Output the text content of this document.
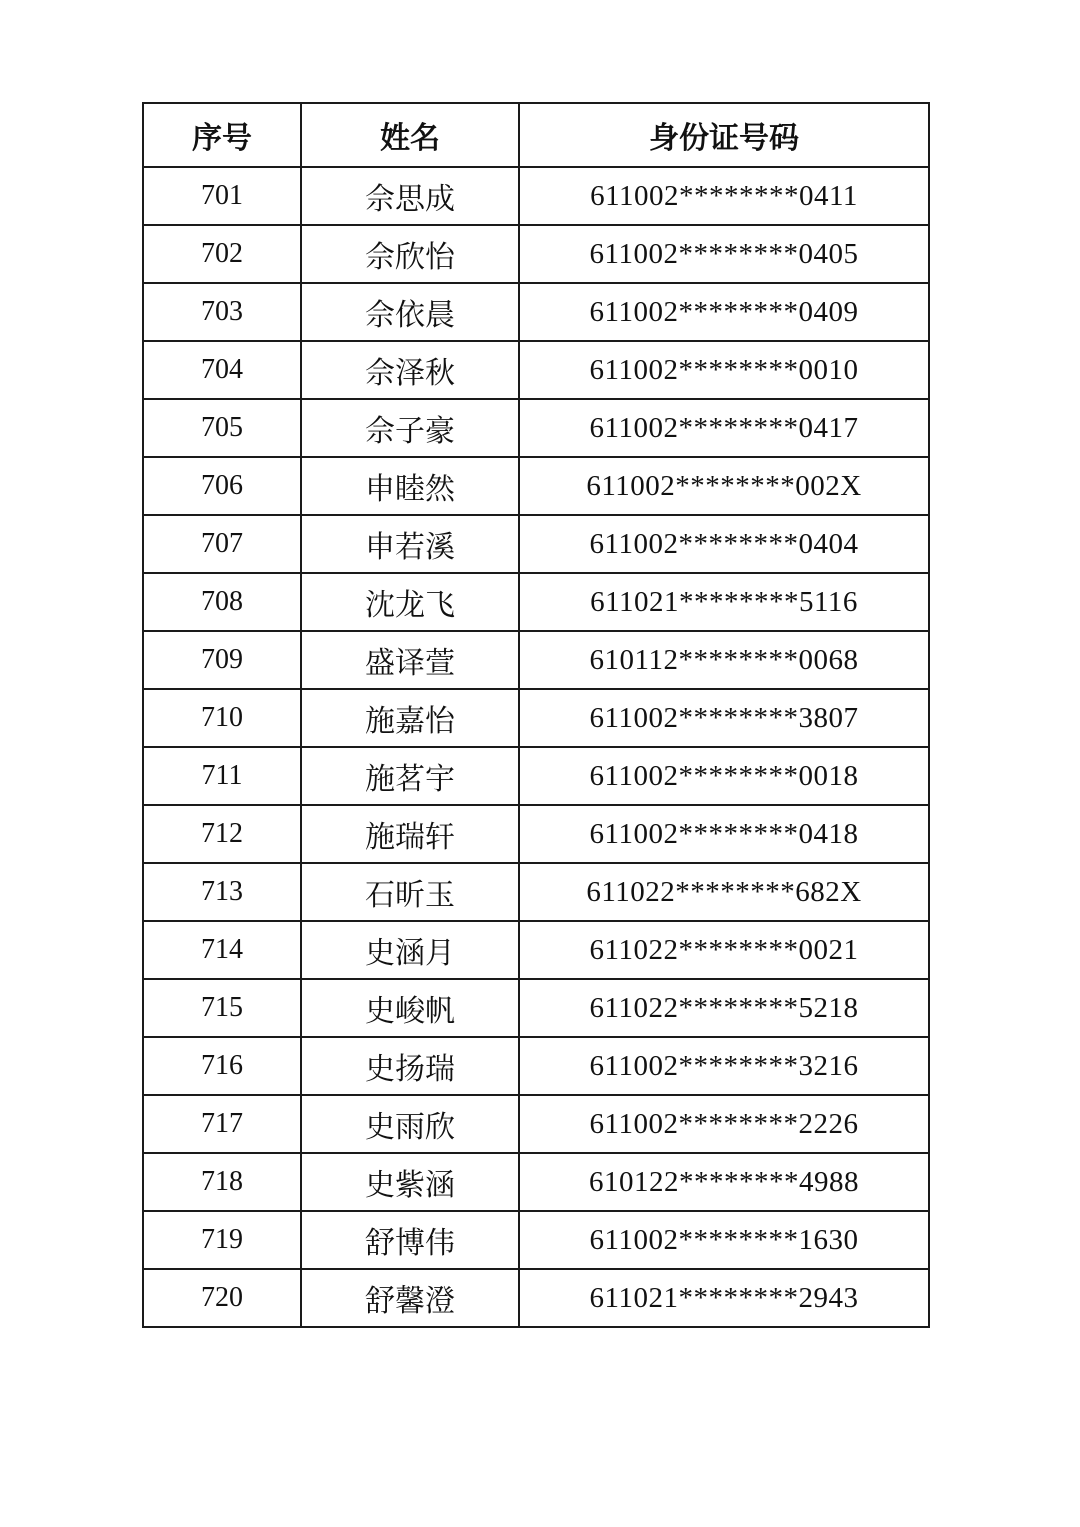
序号	姓名	身份证号码
701	佘思成	611002********0411
702	佘欣怡	611002********0405
703	佘依晨	611002********0409
704	佘泽秋	611002********0010
705	佘子豪	611002********0417
706	申睦然	611002********002X
707	申若溪	611002********0404
708	沈龙飞	611021********5116
709	盛译萱	610112********0068
710	施嘉怡	611002********3807
711	施茗宇	611002********0018
712	施瑞轩	611002********0418
713	石昕玉	611022********682X
714	史涵月	611022********0021
715	史峻帆	611022********5218
716	史扬瑞	611002********3216
717	史雨欣	611002********2226
718	史紫涵	610122********4988
719	舒博伟	611002********1630
720	舒馨澄	611021********2943
